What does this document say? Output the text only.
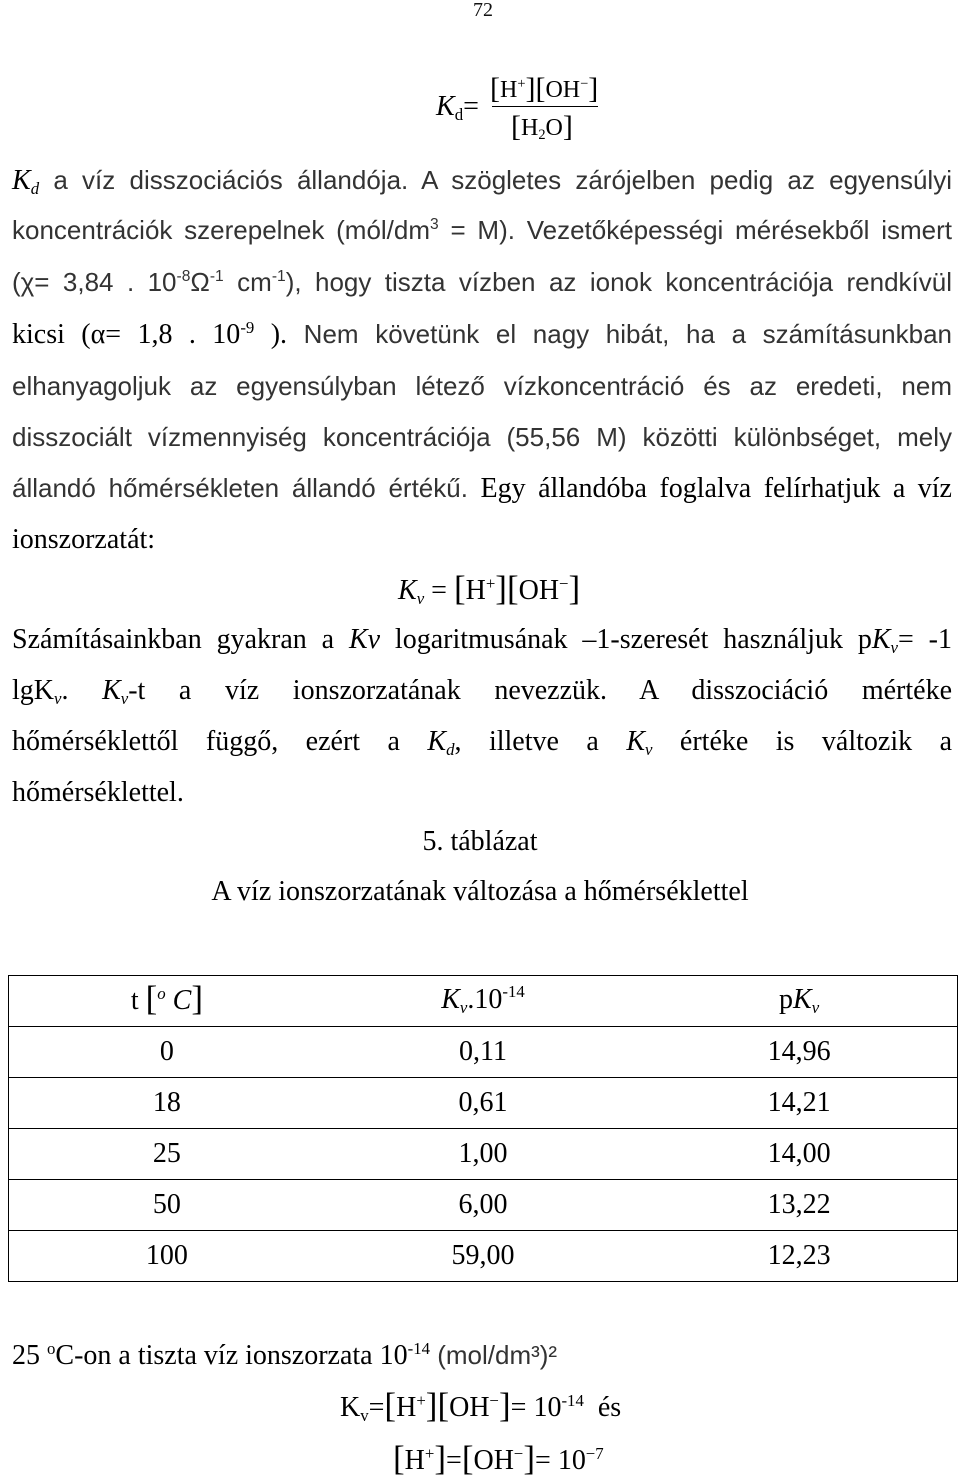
72
Kd=
[H+][OH−]
[H2O]
Kd a víz disszociációs állandója. A szögletes zárójelben pedig az egyensúlyi
koncentrációk szerepelnek $(mól/dm^3 = M)$. Vezetőképességi mérésekből ismert
(χ= 3,84 . $10^{-8}\Omega^{-1}$ $cm^{-1}$), hogy tiszta vízben az ionok koncentrációja rendkívül
kicsi (α= 1,8 . $10^{-9}$ ). Nem követünk el nagy hibát, ha a számításunkban
elhanyagoljuk az egyensúlyban létező vízkoncentráció és az eredeti, nem
disszociált vízmennyiség koncentrációja (55,56 M) közötti különbséget, mely
állandó hőmérsékleten állandó értékű. Egy állandóba foglalva felírhatjuk a víz
ionszorzatát:
Kv = [H+][OH−]
Számításainkban gyakran a Kv logaritmusának –1-szeresét használjuk pKv= -1
lgKv. Kv-t a víz ionszorzatának nevezzük. A disszociáció mértéke
hőmérséklettől függő, ezért a Kd, illetve a Kv értéke is változik a
hőmérséklettel.
5. táblázat
A víz ionszorzatának változása a hőmérséklettel
t [$^o$ C]	$Kv.10^{-14}$	pKv
0	0,11	14,96
18	0,61	14,21
25	1,00	14,00
50	6,00	13,22
100	59,00	12,23
25 $^o$C-on a tiszta víz ionszorzata $10^{-14}$ (mol/dm³)²
$Kv=[H^+][OH^-]= 10^{-14}$ és
$[H^+]=[OH^-]= 10^{-7}$
